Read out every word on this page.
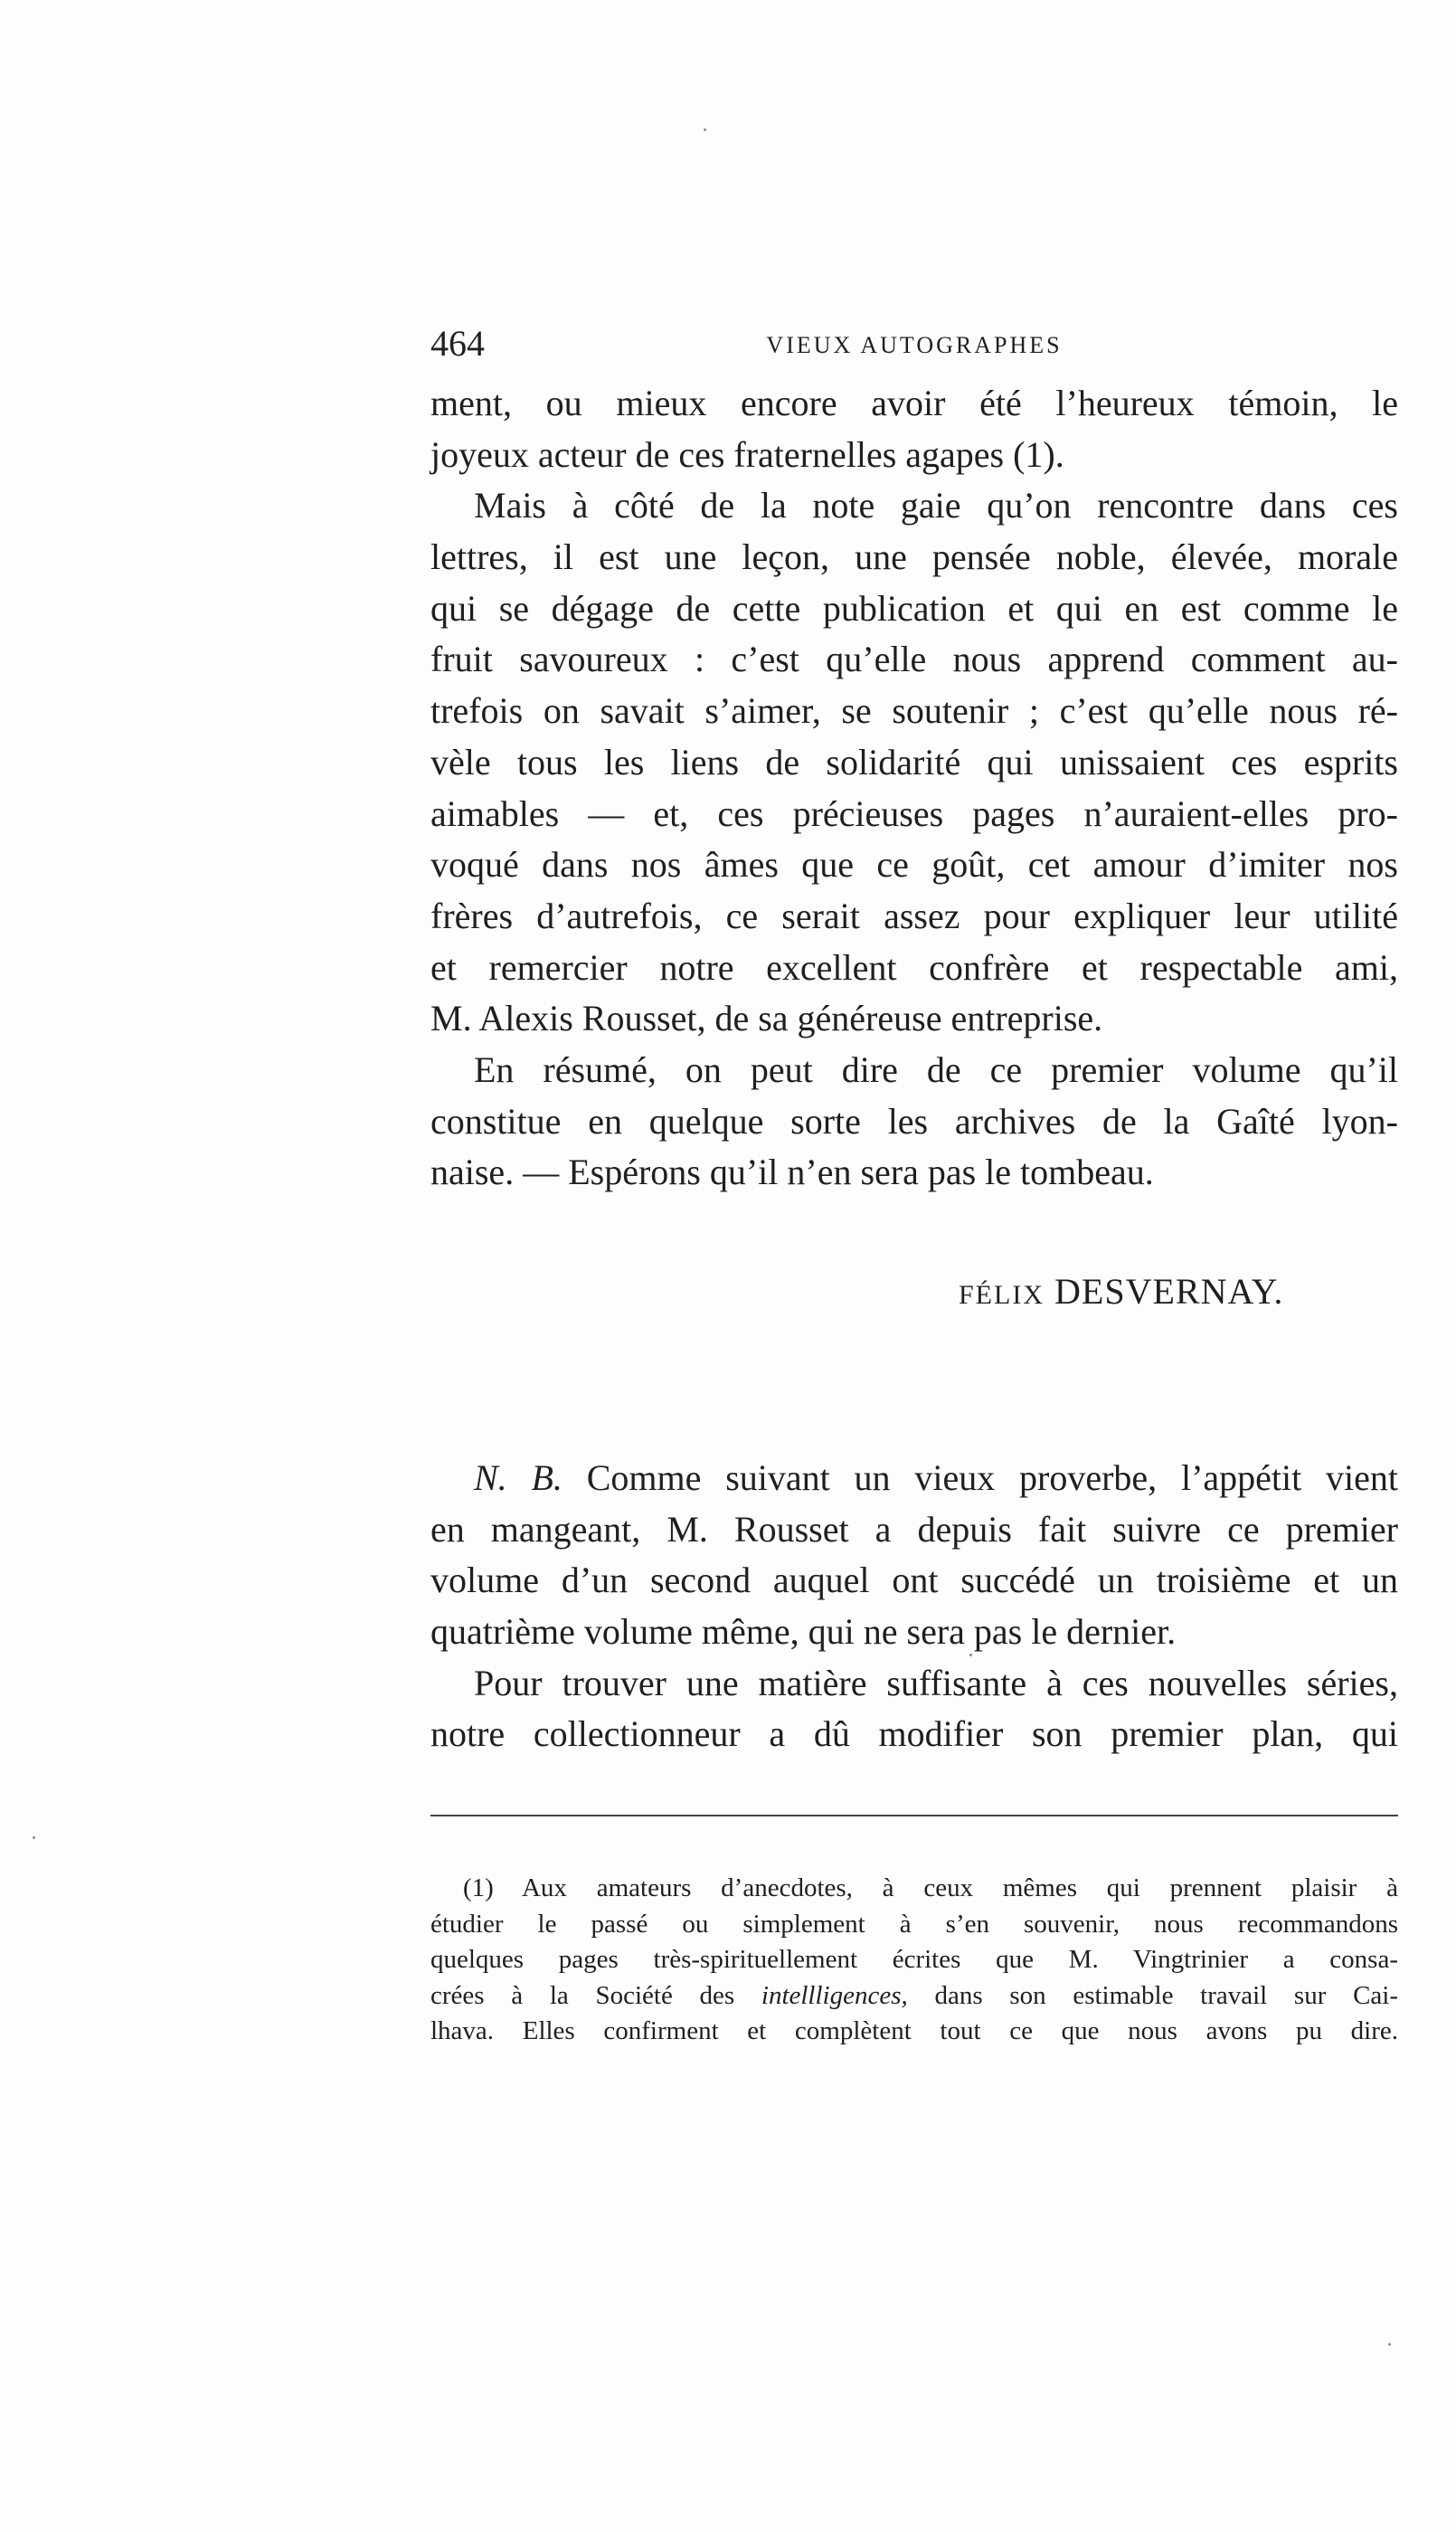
464	VIEUX AUTOGRAPHES
ment, ou mieux encore avoir été l’heureux témoin, le
joyeux acteur de ces fraternelles agapes (1).
Mais à côté de la note gaie qu’on rencontre dans ces
lettres, il est une leçon, une pensée noble, élevée, morale
qui se dégage de cette publication et qui en est comme le
fruit savoureux : c’est qu’elle nous apprend comment au-
trefois on savait s’aimer, se soutenir ; c’est qu’elle nous ré-
vèle tous les liens de solidarité qui unissaient ces esprits
aimables — et, ces précieuses pages n’auraient-elles pro-
voqué dans nos âmes que ce goût, cet amour d’imiter nos
frères d’autrefois, ce serait assez pour expliquer leur utilité
et remercier notre excellent confrère et respectable ami,
M. Alexis Rousset, de sa généreuse entreprise.
En résumé, on peut dire de ce premier volume qu’il
constitue en quelque sorte les archives de la Gaîté lyon-
naise. — Espérons qu’il n’en sera pas le tombeau.
FÉLIX DESVERNAY.
N. B. Comme suivant un vieux proverbe, l’appétit vient
en mangeant, M. Rousset a depuis fait suivre ce premier
volume d’un second auquel ont succédé un troisième et un
quatrième volume même, qui ne sera pas le dernier.
Pour trouver une matière suffisante à ces nouvelles séries,
notre collectionneur a dû modifier son premier plan, qui
(1) Aux amateurs d’anecdotes, à ceux mêmes qui prennent plaisir à
étudier le passé ou simplement à s’en souvenir, nous recommandons
quelques pages très-spirituellement écrites que M. Vingtrinier a consa-
crées à la Société des intellligences, dans son estimable travail sur Cai-
lhava. Elles confirment et complètent tout ce que nous avons pu dire.
